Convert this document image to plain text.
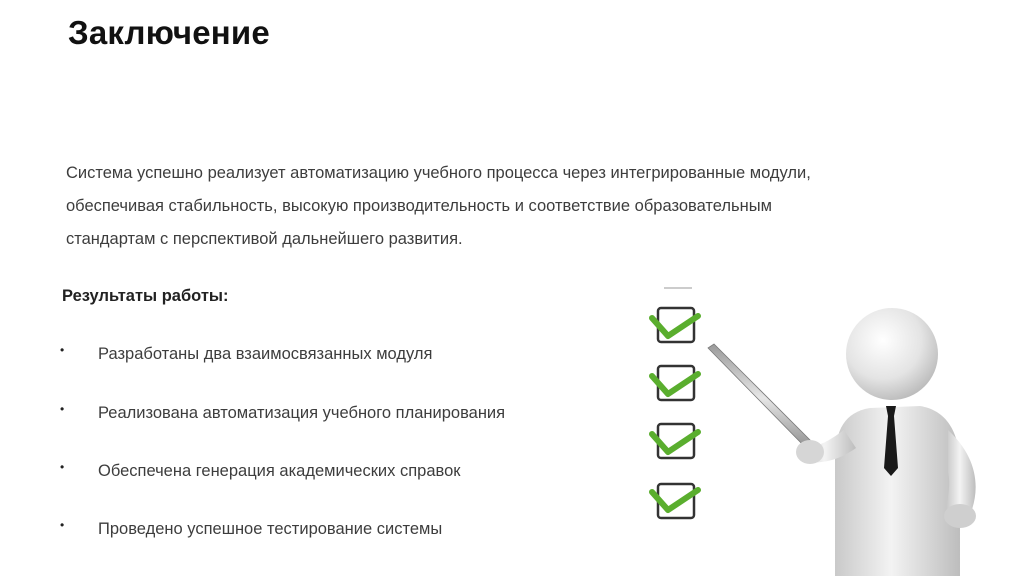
Заключение
Система успешно реализует автоматизацию учебного процесса через интегрированные модули,
обеспечивая стабильность, высокую производительность и соответствие образовательным
стандартам с перспективой дальнейшего развития.
Результаты работы:
• Разработаны два взаимосвязанных модуля
• Реализована автоматизация учебного планирования
• Обеспечена генерация академических справок
• Проведено успешное тестирование системы
